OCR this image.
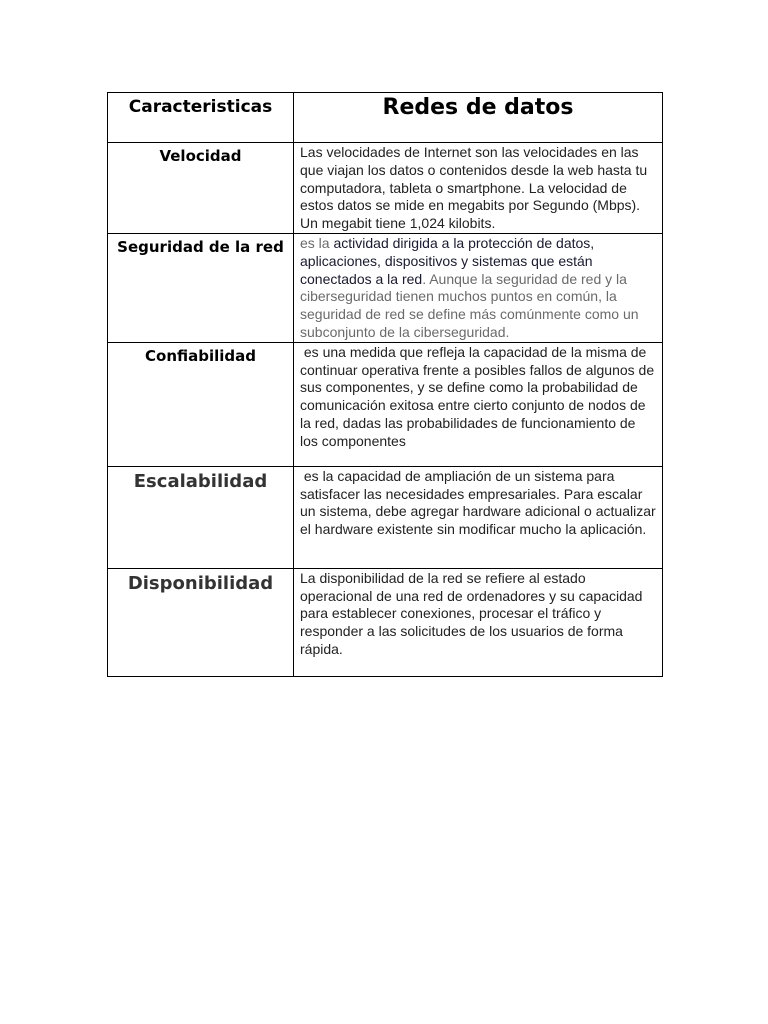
Caracteristicas	Redes de datos
Velocidad	Las velocidades de Internet son las velocidades en las que viajan los datos o contenidos desde la web hasta tu computadora, tableta o smartphone. La velocidad de estos datos se mide en megabits por Segundo (Mbps). Un megabit tiene 1,024 kilobits.
Seguridad de la red	es la actividad dirigida a la protección de datos, aplicaciones, dispositivos y sistemas que están conectados a la red. Aunque la seguridad de red y la ciberseguridad tienen muchos puntos en común, la seguridad de red se define más comúnmente como un subconjunto de la ciberseguridad.
Confiabilidad	es una medida que refleja la capacidad de la misma de continuar operativa frente a posibles fallos de algunos de sus componentes, y se define como la probabilidad de comunicación exitosa entre cierto conjunto de nodos de la red, dadas las probabilidades de funcionamiento de los componentes
Escalabilidad	es la capacidad de ampliación de un sistema para satisfacer las necesidades empresariales. Para escalar un sistema, debe agregar hardware adicional o actualizar el hardware existente sin modificar mucho la aplicación.
Disponibilidad	La disponibilidad de la red se refiere al estado operacional de una red de ordenadores y su capacidad para establecer conexiones, procesar el tráfico y responder a las solicitudes de los usuarios de forma rápida.
